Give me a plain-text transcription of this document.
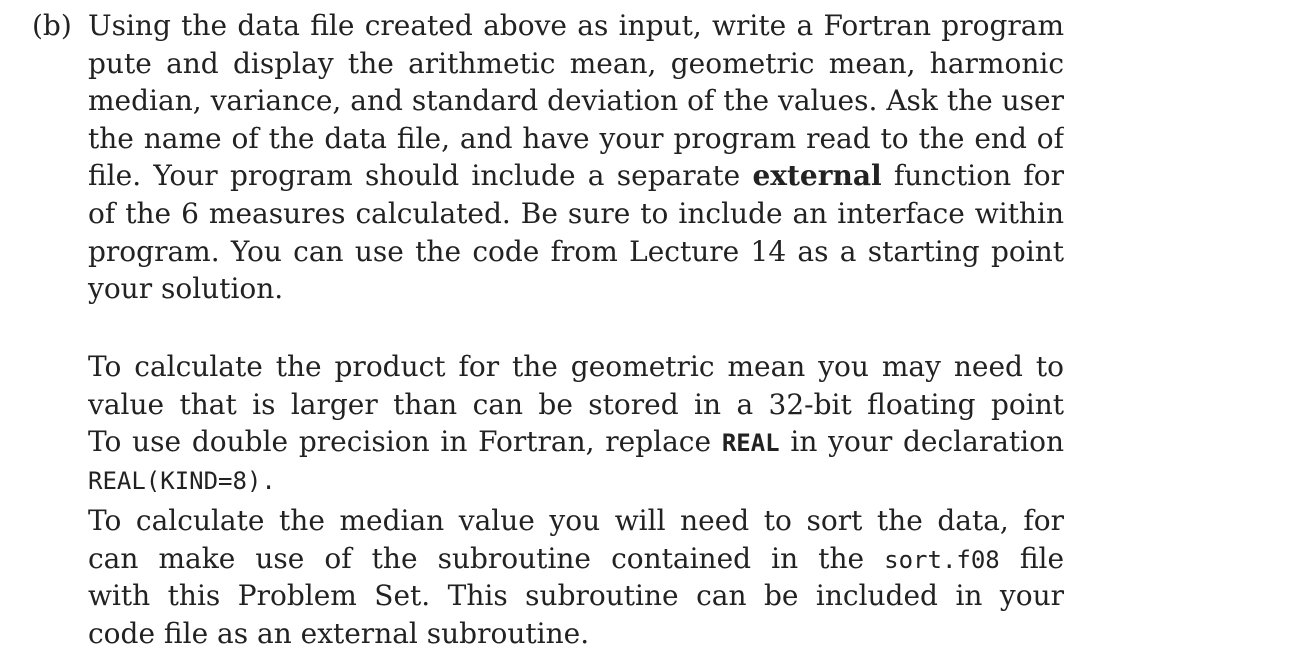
(b) Using the data file created above as input, write a Fortran program
pute and display the arithmetic mean, geometric mean, harmonic
median, variance, and standard deviation of the values. Ask the user
the name of the data file, and have your program read to the end of
file. Your program should include a separate external function for
of the 6 measures calculated. Be sure to include an interface within
program. You can use the code from Lecture 14 as a starting point
your solution.
To calculate the product for the geometric mean you may need to
value that is larger than can be stored in a 32-bit floating point
To use double precision in Fortran, replace REAL in your declaration
REAL(KIND=8).
To calculate the median value you will need to sort the data, for
can make use of the subroutine contained in the sort.f08 file
with this Problem Set. This subroutine can be included in your
code file as an external subroutine.
